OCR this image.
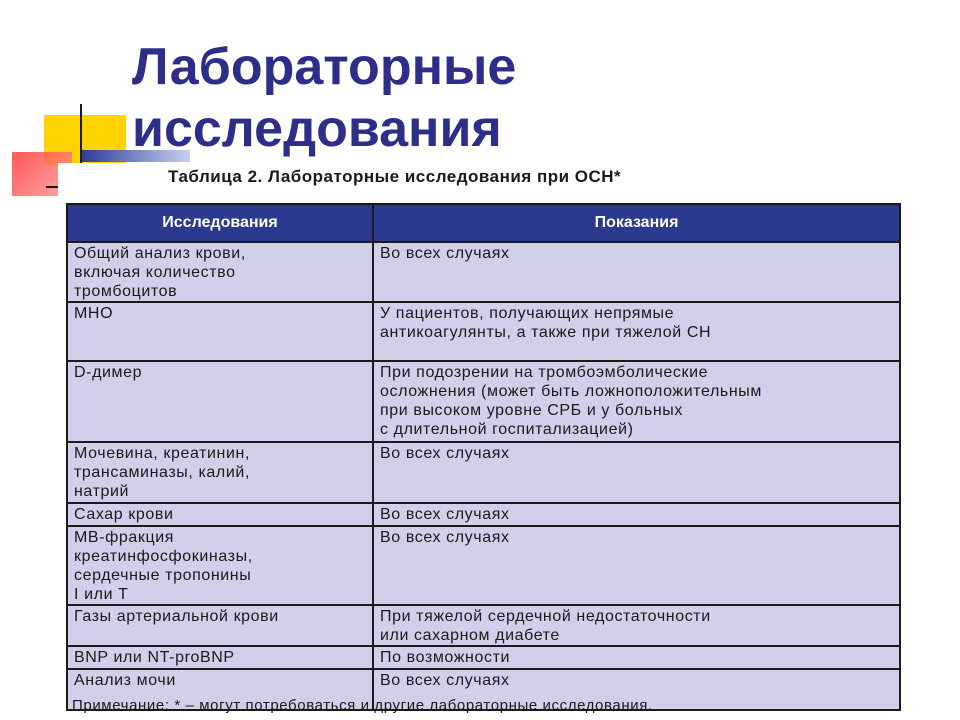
Лабораторные
исследования
Таблица 2. Лабораторные исследования при ОСН*
Исследования	Показания

Общий анализ крови,
включая количество
тромбоцитов	Во всех случаях

МНО	У пациентов, получающих непрямые
антикоагулянты, а также при тяжелой СН

D-димер	При подозрении на тромбоэмболические
осложнения (может быть ложноположительным
при высоком уровне СРБ и у больных
с длительной госпитализацией)

Мочевина, креатинин,
трансаминазы, калий,
натрий	Во всех случаях

Сахар крови	Во всех случаях

МВ-фракция
креатинфосфокиназы,
сердечные тропонины
I или Т	Во всех случаях

Газы артериальной крови	При тяжелой сердечной недостаточности
или сахарном диабете

BNP или NT-proBNP	По возможности

Анализ мочи	Во всех случаях
Примечание: * – могут потребоваться и другие лабораторные исследования.
